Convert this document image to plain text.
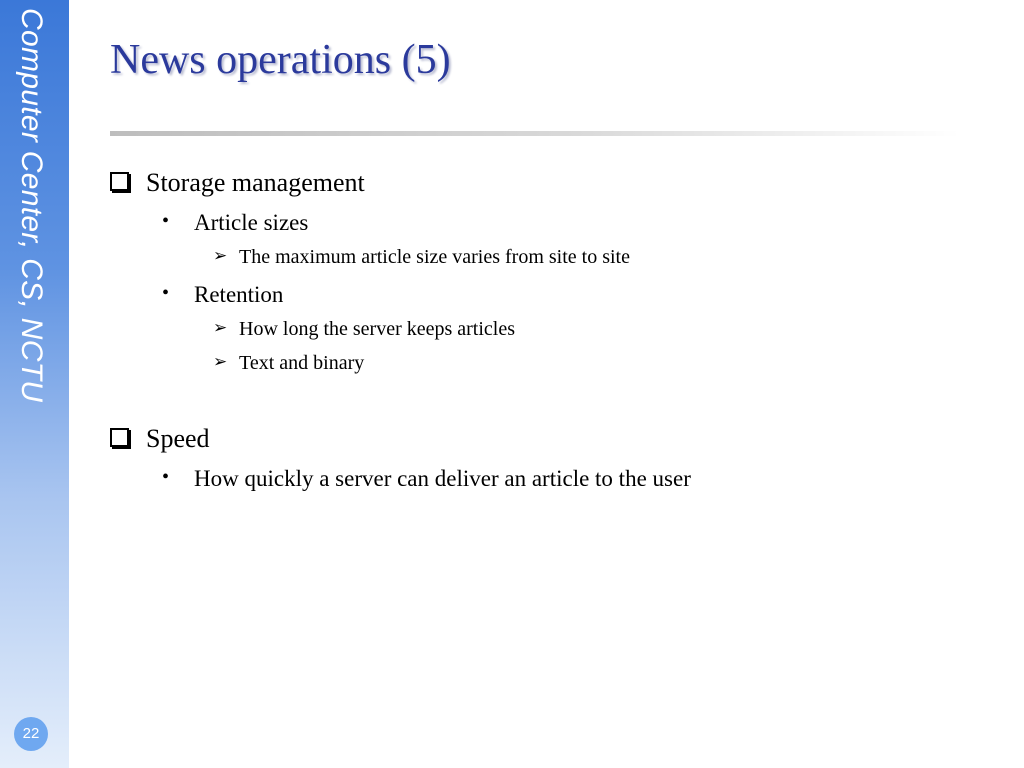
Computer Center, CS, NCTU
22
News operations (5)
Storage management
• Article sizes
➢ The maximum article size varies from site to site
• Retention
➢ How long the server keeps articles
➢ Text and binary
Speed
• How quickly a server can deliver an article to the user
